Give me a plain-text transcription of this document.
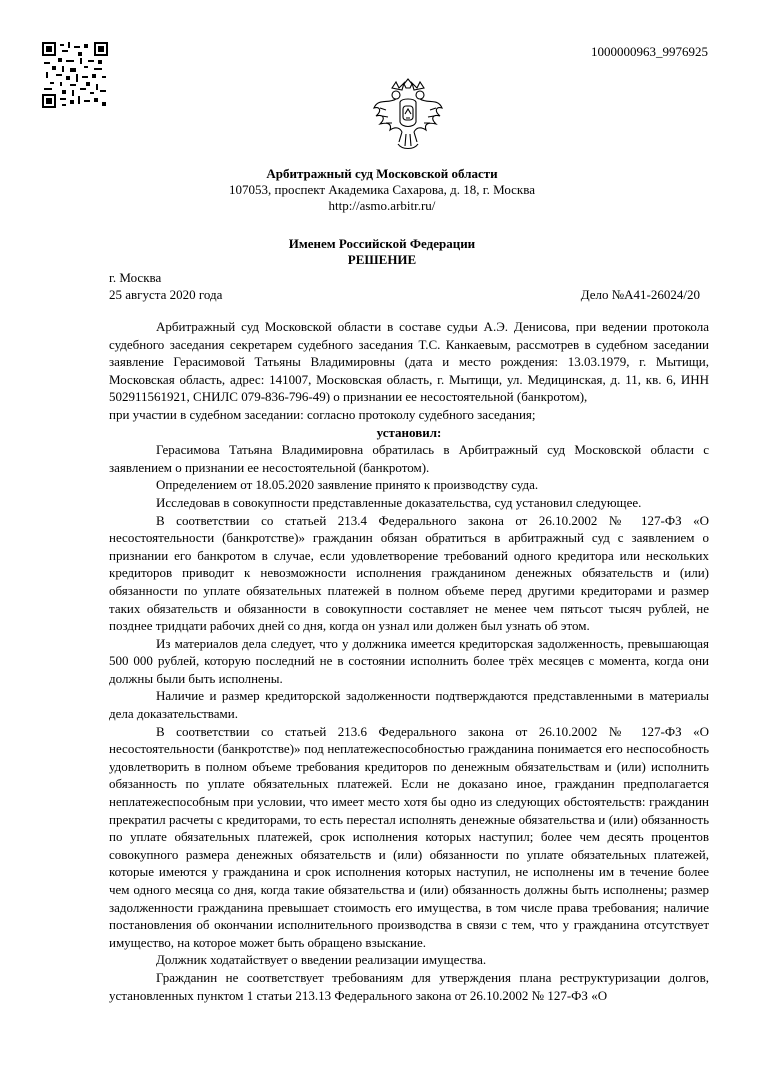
1000000963_9976925
Арбитражный суд Московской области
107053, проспект Академика Сахарова, д. 18, г. Москва
http://asmo.arbitr.ru/
Именем Российской Федерации
РЕШЕНИЕ
г. Москва
25 августа 2020 года	Дело №А41-26024/20

Арбитражный суд Московской области в составе судьи А.Э. Денисова, при ведении протокола судебного заседания секретарем судебного заседания Т.С. Канкаевым, рассмотрев в судебном заседании заявление Герасимовой Татьяны Владимировны (дата и место рождения: 13.03.1979, г. Мытищи, Московская область, адрес: 141007, Московская область, г. Мытищи, ул. Медицинская, д. 11, кв. 6, ИНН 502911561921, СНИЛС 079-836-796-49) о признании ее несостоятельной (банкротом),

при участии в судебном заседании: согласно протоколу судебного заседания;

установил:

Герасимова Татьяна Владимировна обратилась в Арбитражный суд Московской области с заявлением о признании ее несостоятельной (банкротом).

Определением от 18.05.2020 заявление принято к производству суда.

Исследовав в совокупности представленные доказательства, суд установил следующее.

В соответствии со статьей 213.4 Федерального закона от 26.10.2002 № 127-ФЗ «О несостоятельности (банкротстве)» гражданин обязан обратиться в арбитражный суд с заявлением о признании его банкротом в случае, если удовлетворение требований одного кредитора или нескольких кредиторов приводит к невозможности исполнения гражданином денежных обязательств и (или) обязанности по уплате обязательных платежей в полном объеме перед другими кредиторами и размер таких обязательств и обязанности в совокупности составляет не менее чем пятьсот тысяч рублей, не позднее тридцати рабочих дней со дня, когда он узнал или должен был узнать об этом.

Из материалов дела следует, что у должника имеется кредиторская задолженность, превышающая 500 000 рублей, которую последний не в состоянии исполнить более трёх месяцев с момента, когда они должны были быть исполнены.

Наличие и размер кредиторской задолженности подтверждаются представленными в материалы дела доказательствами.

В соответствии со статьей 213.6 Федерального закона от 26.10.2002 № 127-ФЗ «О несостоятельности (банкротстве)» под неплатежеспособностью гражданина понимается его неспособность удовлетворить в полном объеме требования кредиторов по денежным обязательствам и (или) исполнить обязанность по уплате обязательных платежей. Если не доказано иное, гражданин предполагается неплатежеспособным при условии, что имеет место хотя бы одно из следующих обстоятельств: гражданин прекратил расчеты с кредиторами, то есть перестал исполнять денежные обязательства и (или) обязанность по уплате обязательных платежей, срок исполнения которых наступил; более чем десять процентов совокупного размера денежных обязательств и (или) обязанности по уплате обязательных платежей, которые имеются у гражданина и срок исполнения которых наступил, не исполнены им в течение более чем одного месяца со дня, когда такие обязательства и (или) обязанность должны быть исполнены; размер задолженности гражданина превышает стоимость его имущества, в том числе права требования; наличие постановления об окончании исполнительного производства в связи с тем, что у гражданина отсутствует имущество, на которое может быть обращено взыскание.

Должник ходатайствует о введении реализации имущества.

Гражданин не соответствует требованиям для утверждения плана реструктуризации долгов, установленных пунктом 1 статьи 213.13 Федерального закона от 26.10.2002 № 127-ФЗ «О
